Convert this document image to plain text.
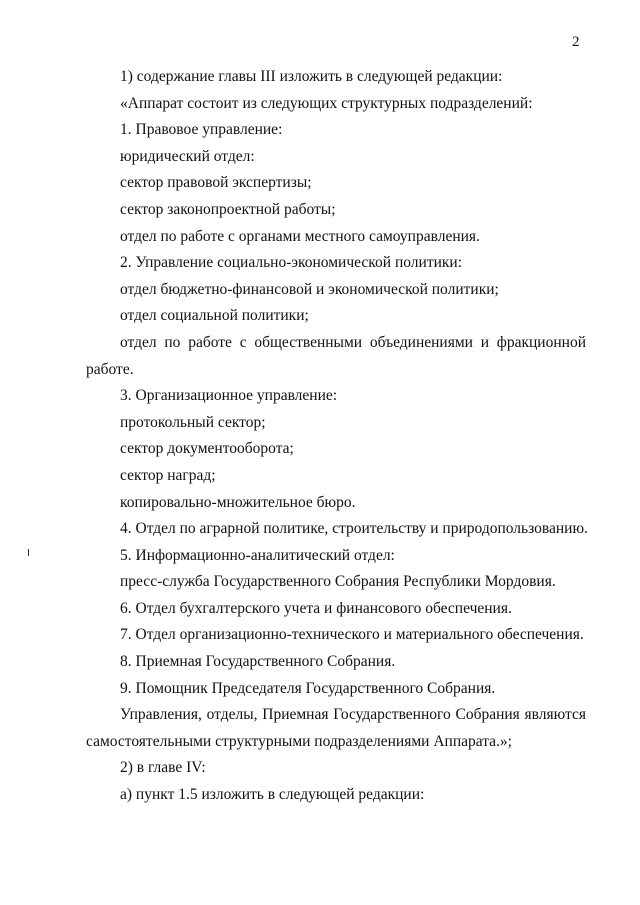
2
1) содержание главы III изложить в следующей редакции:
«Аппарат состоит из следующих структурных подразделений:
1. Правовое управление:
юридический отдел:
сектор правовой экспертизы;
сектор законопроектной работы;
отдел по работе с органами местного самоуправления.
2. Управление социально-экономической политики:
отдел бюджетно-финансовой и экономической политики;
отдел социальной политики;
отдел по работе с общественными объединениями и фракционной
работе.
3. Организационное управление:
протокольный сектор;
сектор документооборота;
сектор наград;
копировально-множительное бюро.
4. Отдел по аграрной политике, строительству и природопользованию.
5. Информационно-аналитический отдел:
пресс-служба Государственного Собрания Республики Мордовия.
6. Отдел бухгалтерского учета и финансового обеспечения.
7. Отдел организационно-технического и материального обеспечения.
8. Приемная Государственного Собрания.
9. Помощник Председателя Государственного Собрания.
Управления, отделы, Приемная Государственного Собрания являются
самостоятельными структурными подразделениями Аппарата.»;
2) в главе IV:
а) пункт 1.5 изложить в следующей редакции:
